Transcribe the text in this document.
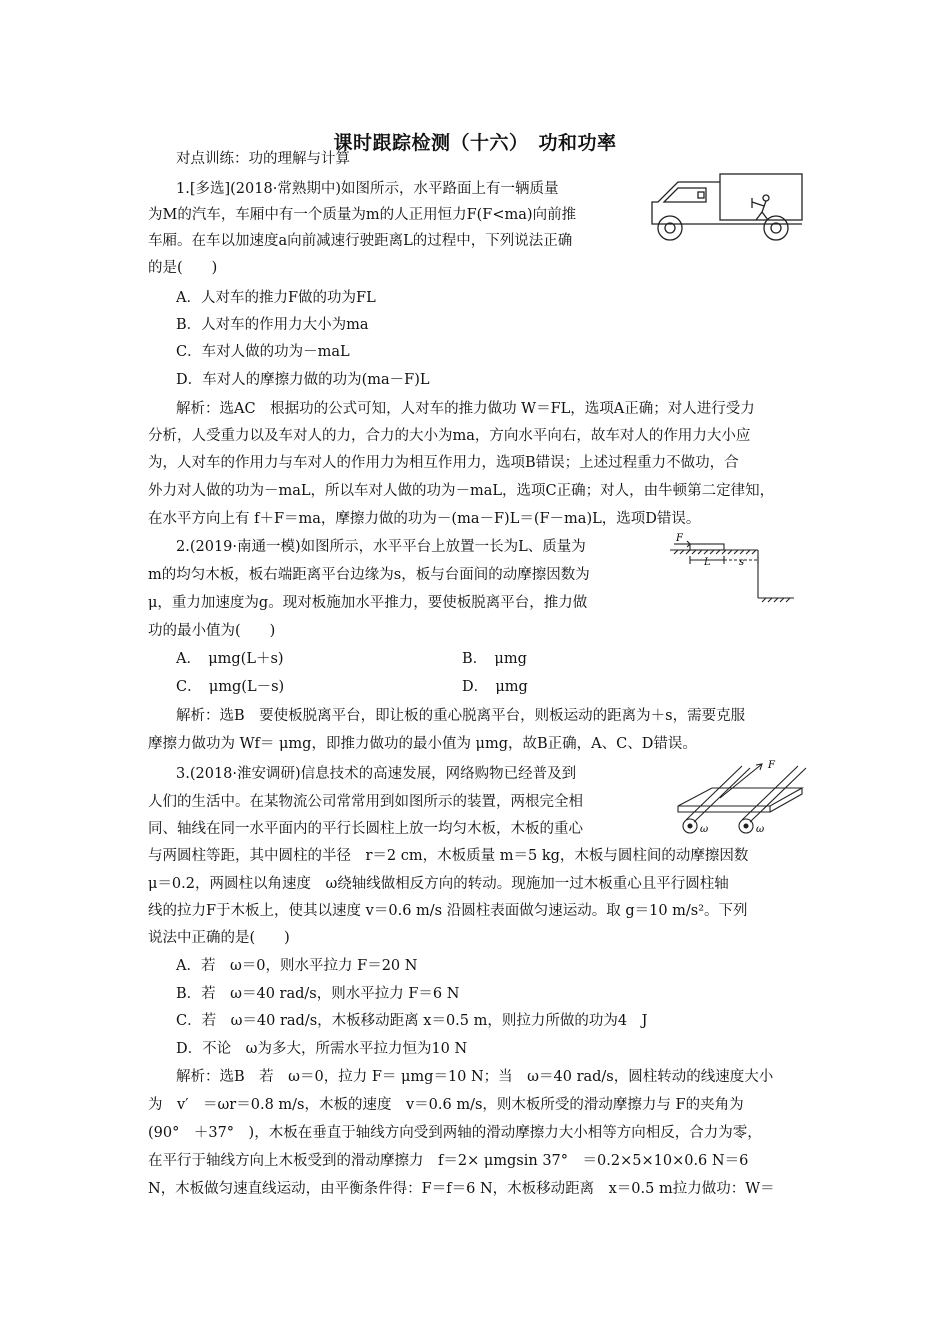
课时跟踪检测（十六）　功和功率
对点训练：功的理解与计算
1.[多选](2018·常熟期中)如图所示，水平路面上有一辆质量
为M的汽车，车厢中有一个质量为m的人正用恒力F(F<ma)向前推
车厢。在车以加速度a向前减速行驶距离L的过程中，下列说法正确
的是(　　)
A．人对车的推力F做的功为FL
B．人对车的作用力大小为ma
C．车对人做的功为－maL
D．车对人的摩擦力做的功为(ma－F)L
解析：选AC　根据功的公式可知，人对车的推力做功 W＝FL，选项A正确；对人进行受力
分析，人受重力以及车对人的力，合力的大小为ma，方向水平向右，故车对人的作用力大小应
为，人对车的作用力与车对人的作用力为相互作用力，选项B错误；上述过程重力不做功，合
外力对人做的功为－maL，所以车对人做的功为－maL，选项C正确；对人，由牛顿第二定律知，
在水平方向上有 f＋F＝ma，摩擦力做的功为－(ma－F)L＝(F－ma)L，选项D错误。
2.(2019·南通一模)如图所示，水平平台上放置一长为L、质量为
m的均匀木板，板右端距离平台边缘为s，板与台面间的动摩擦因数为
μ，重力加速度为g。现对板施加水平推力，要使板脱离平台，推力做
功的最小值为(　　)
A．　μmg(L＋s)	B．　μmg
C．　μmg(L－s)	D．　μmg
解析：选B　要使板脱离平台，即让板的重心脱离平台，则板运动的距离为＋s，需要克服
摩擦力做功为 Wf＝ μmg，即推力做功的最小值为 μmg，故B正确，A、C、D错误。
F
L	s
3.(2018·淮安调研)信息技术的高速发展，网络购物已经普及到
人们的生活中。在某物流公司常常用到如图所示的装置，两根完全相
同、轴线在同一水平面内的平行长圆柱上放一均匀木板，木板的重心
与两圆柱等距，其中圆柱的半径　r＝2 cm，木板质量 m＝5 kg，木板与圆柱间的动摩擦因数
μ＝0.2，两圆柱以角速度　ω绕轴线做相反方向的转动。现施加一过木板重心且平行圆柱轴
线的拉力F于木板上，使其以速度 v＝0.6 m/s 沿圆柱表面做匀速运动。取 g＝10 m/s²。下列
说法中正确的是(　　)
A．若　ω＝0，则水平拉力 F＝20 N
B．若　ω＝40 rad/s，则水平拉力 F＝6 N
C．若　ω＝40 rad/s，木板移动距离 x＝0.5 m，则拉力所做的功为4　J
D．不论　ω为多大，所需水平拉力恒为10 N
解析：选B　若　ω＝0，拉力 F＝ μmg＝10 N；当　ω＝40 rad/s，圆柱转动的线速度大小
为　v′　＝ωr＝0.8 m/s，木板的速度　v＝0.6 m/s，则木板所受的滑动摩擦力与 F的夹角为
(90°　＋37°　)，木板在垂直于轴线方向受到两轴的滑动摩擦力大小相等方向相反，合力为零，
在平行于轴线方向上木板受到的滑动摩擦力　f＝2× μmgsin 37°　＝0.2×5×10×0.6 N＝6
N，木板做匀速直线运动，由平衡条件得：F＝f＝6 N，木板移动距离　x＝0.5 m拉力做功：W＝
F
ω	ω
